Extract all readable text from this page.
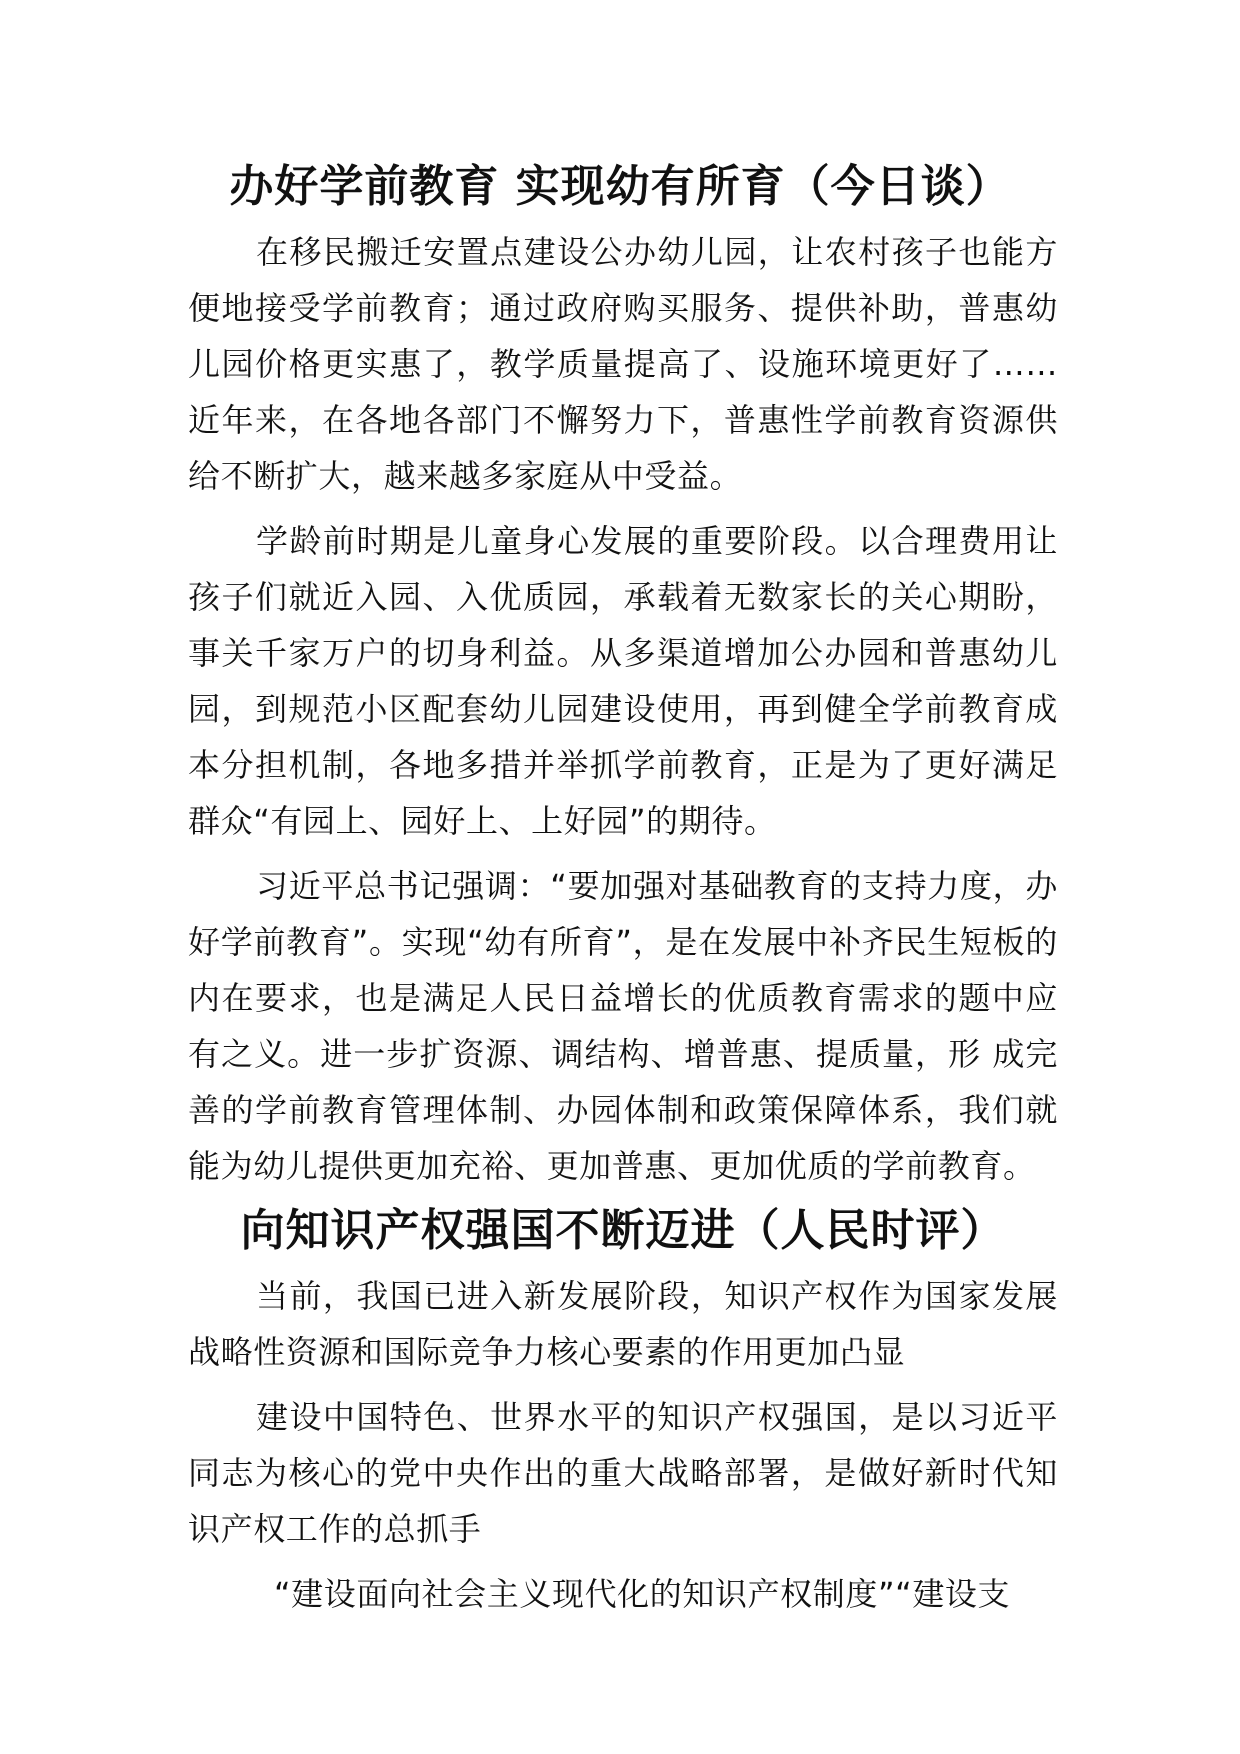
办好学前教育 实现幼有所育（今日谈）

在移民搬迁安置点建设公办幼儿园，让农村孩子也能方便地接受学前教育；通过政府购买服务、提供补助，普惠幼儿园价格更实惠了，教学质量提高了、设施环境更好了…… 近年来，在各地各部门不懈努力下，普惠性学前教育资源供给不断扩大，越来越多家庭从中受益。

学龄前时期是儿童身心发展的重要阶段。以合理费用让孩子们就近入园、入优质园，承载着无数家长的关心期盼， 事关千家万户的切身利益。从多渠道增加公办园和普惠幼儿园，到规范小区配套幼儿园建设使用，再到健全学前教育成本分担机制，各地多措并举抓学前教育，正是为了更好满足群众“有园上、园好上、上好园”的期待。

习近平总书记强调：“要加强对基础教育的支持力度，办好学前教育”。实现“幼有所育”，是在发展中补齐民生短板的内在要求，也是满足人民日益增长的优质教育需求的题中应有之义。进一步扩资源、调结构、增普惠、提质量，形 成完善的学前教育管理体制、办园体制和政策保障体系，我们就能为幼儿提供更加充裕、更加普惠、更加优质的学前教育。

向知识产权强国不断迈进（人民时评）

当前，我国已进入新发展阶段，知识产权作为国家发展战略性资源和国际竞争力核心要素的作用更加凸显

建设中国特色、世界水平的知识产权强国，是以习近平同志为核心的党中央作出的重大战略部署，是做好新时代知识产权工作的总抓手

“建设面向社会主义现代化的知识产权制度”“建设支
